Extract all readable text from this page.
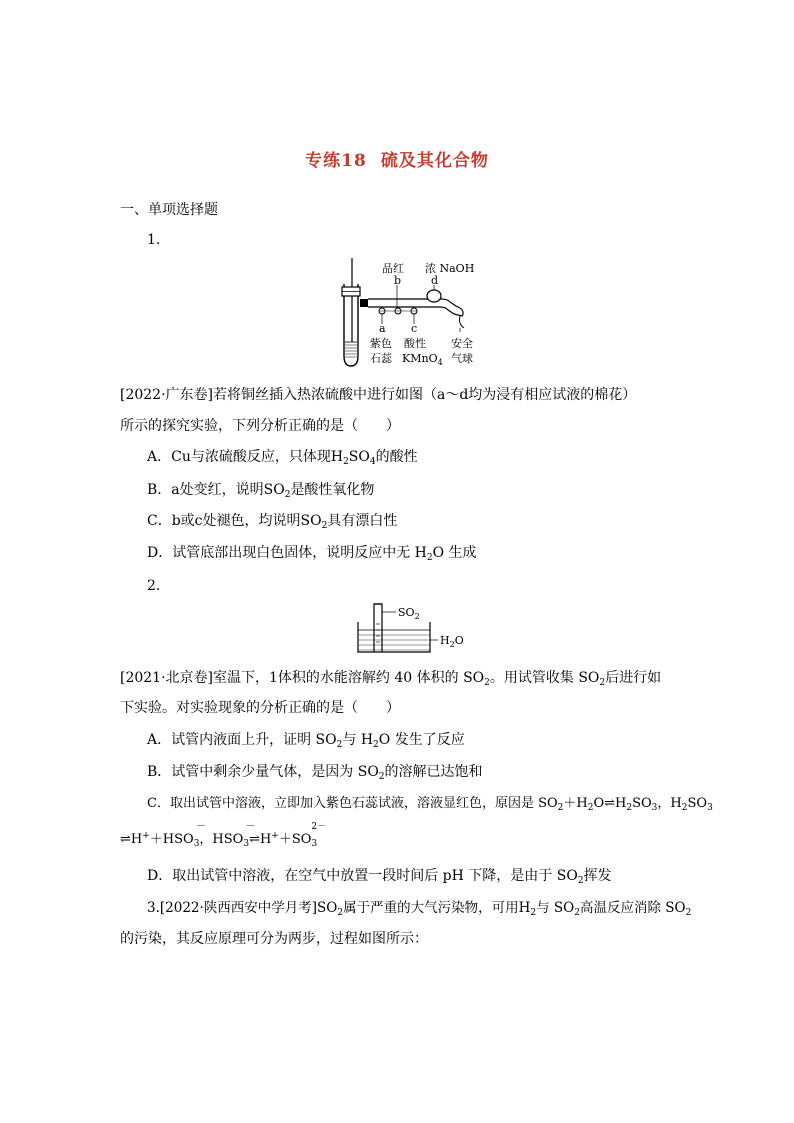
专练18 硫及其化合物
一、单项选择题
1.
品红 浓 NaOH
b	d
a c
紫色
石蕊
酸性
KMnO$_4$
安全
气球
[2022·广东卷]若将铜丝插入热浓硫酸中进行如图（a～d均为浸有相应试液的棉花）
所示的探究实验，下列分析正确的是（　　）
A．Cu与浓硫酸反应，只体现$H_2SO_4$的酸性
B．a处变红，说明$SO_2$是酸性氧化物
C．b或c处褪色，均说明$SO_2$具有漂白性
D．试管底部出现白色固体，说明反应中无 $H_2O$ 生成
2.
$SO_2$
$H_2O$
[2021·北京卷]室温下，1体积的水能溶解约 40 体积的 $SO_2$。用试管收集 $SO_2$后进行如
下实验。对实验现象的分析正确的是（　　）
A．试管内液面上升，证明 $SO_2$与 $H_2O$ 发生了反应
B．试管中剩余少量气体，是因为 $SO_2$的溶解已达饱和
C．取出试管中溶液，立即加入紫色石蕊试液，溶液显红色，原因是 $SO_2+H_2O\rightleftharpoons H_2SO_3$，$H_2SO_3$
$\rightleftharpoons H^++HSO_3$
－
，$HSO_3$
－
$\rightleftharpoons H^++SO_3$
2－
D．取出试管中溶液，在空气中放置一段时间后 pH 下降，是由于 $SO_2$挥发
3.[2022·陕西西安中学月考]$SO_2$属于严重的大气污染物，可用$H_2$与 $SO_2$高温反应消除 $SO_2$
的污染，其反应原理可分为两步，过程如图所示：
